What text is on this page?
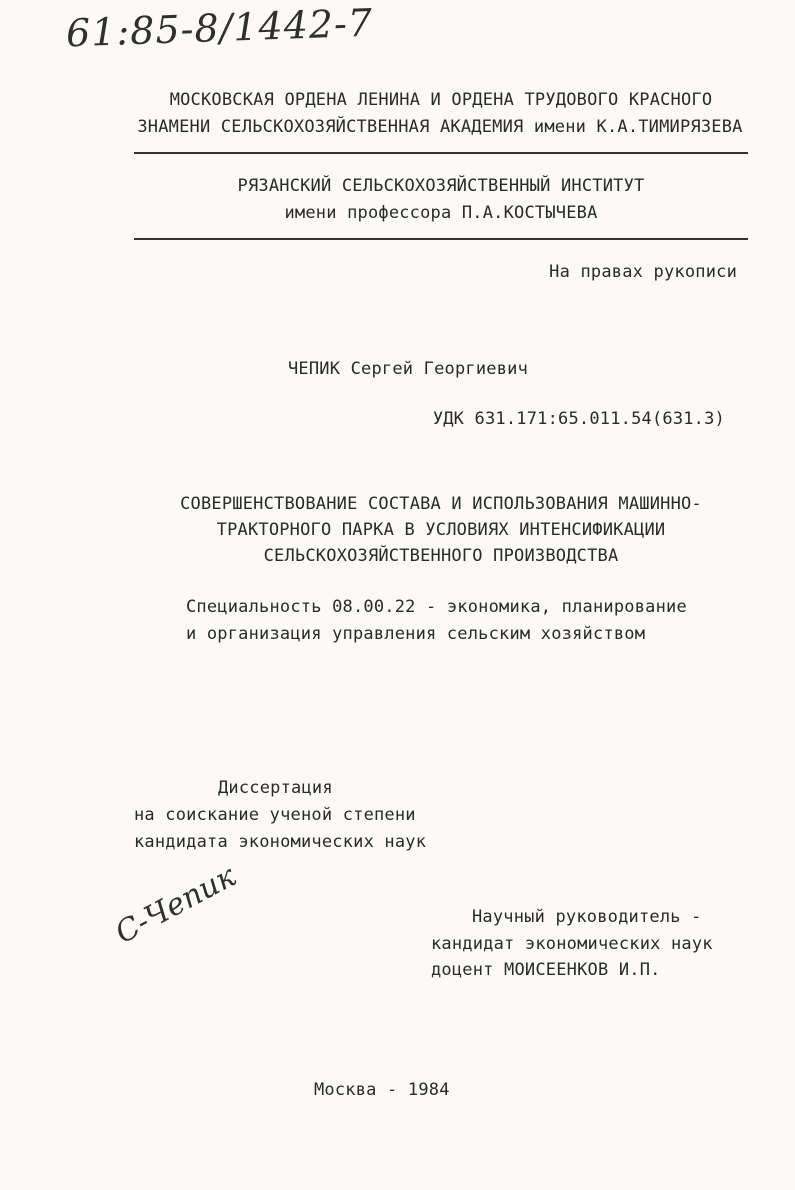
61:85-8/1442-7
МОСКОВСКАЯ ОРДЕНА ЛЕНИНА И ОРДЕНА ТРУДОВОГО КРАСНОГО
ЗНАМЕНИ СЕЛЬСКОХОЗЯЙСТВЕННАЯ АКАДЕМИЯ имени К.А.ТИМИРЯЗЕВА
РЯЗАНСКИЙ СЕЛЬСКОХОЗЯЙСТВЕННЫЙ ИНСТИТУТ
имени профессора П.А.КОСТЫЧЕВА
На правах рукописи
ЧЕПИК Сергей Георгиевич
УДК 631.171:65.011.54(631.3)
СОВЕРШЕНСТВОВАНИЕ СОСТАВА И ИСПОЛЬЗОВАНИЯ МАШИННО-
ТРАКТОРНОГО ПАРКА В УСЛОВИЯХ ИНТЕНСИФИКАЦИИ
СЕЛЬСКОХОЗЯЙСТВЕННОГО ПРОИЗВОДСТВА
Специальность 08.00.22 - экономика, планирование
и организация управления сельским хозяйством
Диссертация
на соискание ученой степени
кандидата экономических наук
С-Чепик	Научный руководитель -
кандидат экономических наук
доцент МОИСЕЕНКОВ И.П.
Москва - 1984
